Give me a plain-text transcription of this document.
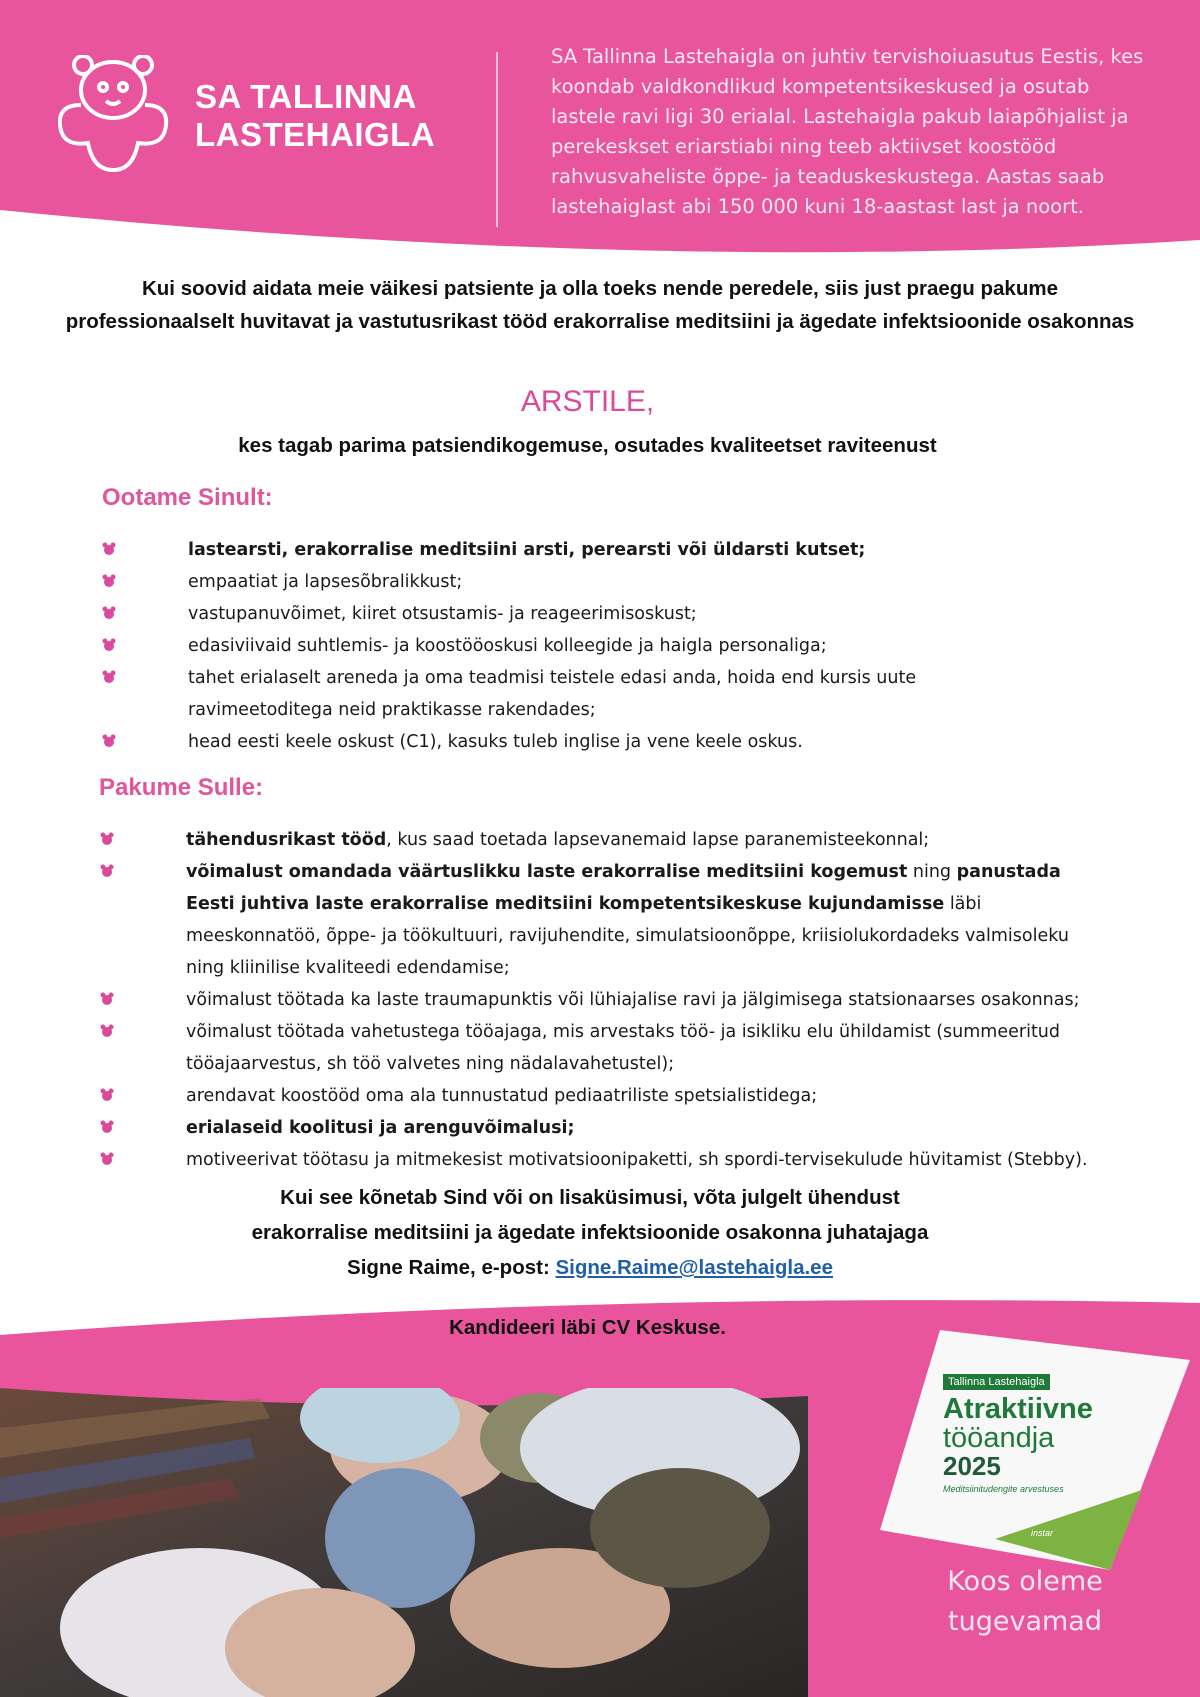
SA TALLINNA
LASTEHAIGLA
SA Tallinna Lastehaigla on juhtiv tervishoiuasutus Eestis, kes koondab valdkondlikud kompetentsikeskused ja osutab lastele ravi ligi 30 erialal. Lastehaigla pakub laiapõhjalist ja perekeskset eriarstiabi ning teeb aktiivset koostööd rahvusvaheliste õppe- ja teaduskeskustega. Aastas saab lastehaiglast abi 150 000 kuni 18-aastast last ja noort.
Kui soovid aidata meie väikesi patsiente ja olla toeks nende peredele, siis just praegu pakume professionaalselt huvitavat ja vastutusrikast tööd erakorralise meditsiini ja ägedate infektsioonide osakonnas
ARSTILE,
kes tagab parima patsiendikogemuse, osutades kvaliteetset raviteenust
Ootame Sinult:
lastearsti, erakorralise meditsiini arsti, perearsti või üldarsti kutset;
empaatiat ja lapsesõbralikkust;
vastupanuvõimet, kiiret otsustamis- ja reageerimisoskust;
edasiviivaid suhtlemis- ja koostööoskusi kolleegide ja haigla personaliga;
tahet erialaselt areneda ja oma teadmisi teistele edasi anda, hoida end kursis uute ravimeetoditega neid praktikasse rakendades;
head eesti keele oskust (C1), kasuks tuleb inglise ja vene keele oskus.
Pakume Sulle:
tähendusrikast tööd, kus saad toetada lapsevanemaid lapse paranemisteekonnal;
võimalust omandada väärtuslikku laste erakorralise meditsiini kogemust ning panustada Eesti juhtiva laste erakorralise meditsiini kompetentsikeskuse kujundamisse läbi meeskonnatöö, õppe- ja töökultuuri, ravijuhendite, simulatsioonõppe, kriisiolukordadeks valmisoleku ning kliinilise kvaliteedi edendamise;
võimalust töötada ka laste traumapunktis või lühiajalise ravi ja jälgimisega statsionaarses osakonnas;
võimalust töötada vahetustega tööajaga, mis arvestaks töö- ja isikliku elu ühildamist (summeeritud tööajaarvestus, sh töö valvetes ning nädalavahetustel);
arendavat koostööd oma ala tunnustatud pediaatriliste spetsialistidega;
erialaseid koolitusi ja arenguvõimalusi;
motiveerivat töötasu ja mitmekesist motivatsioonipaketti, sh spordi-tervisekulude hüvitamist (Stebby).
Kui see kõnetab Sind või on lisaküsimusi, võta julgelt ühendust
erakorralise meditsiini ja ägedate infektsioonide osakonna juhatajaga
Signe Raime, e-post: Signe.Raime@lastehaigla.ee
Kandideeri läbi CV Keskuse.
Tallinna Lastehaigla
Atraktiivne
tööandja
2025
Meditsiinitudengite arvestuses
instar
Koos oleme
tugevamad
